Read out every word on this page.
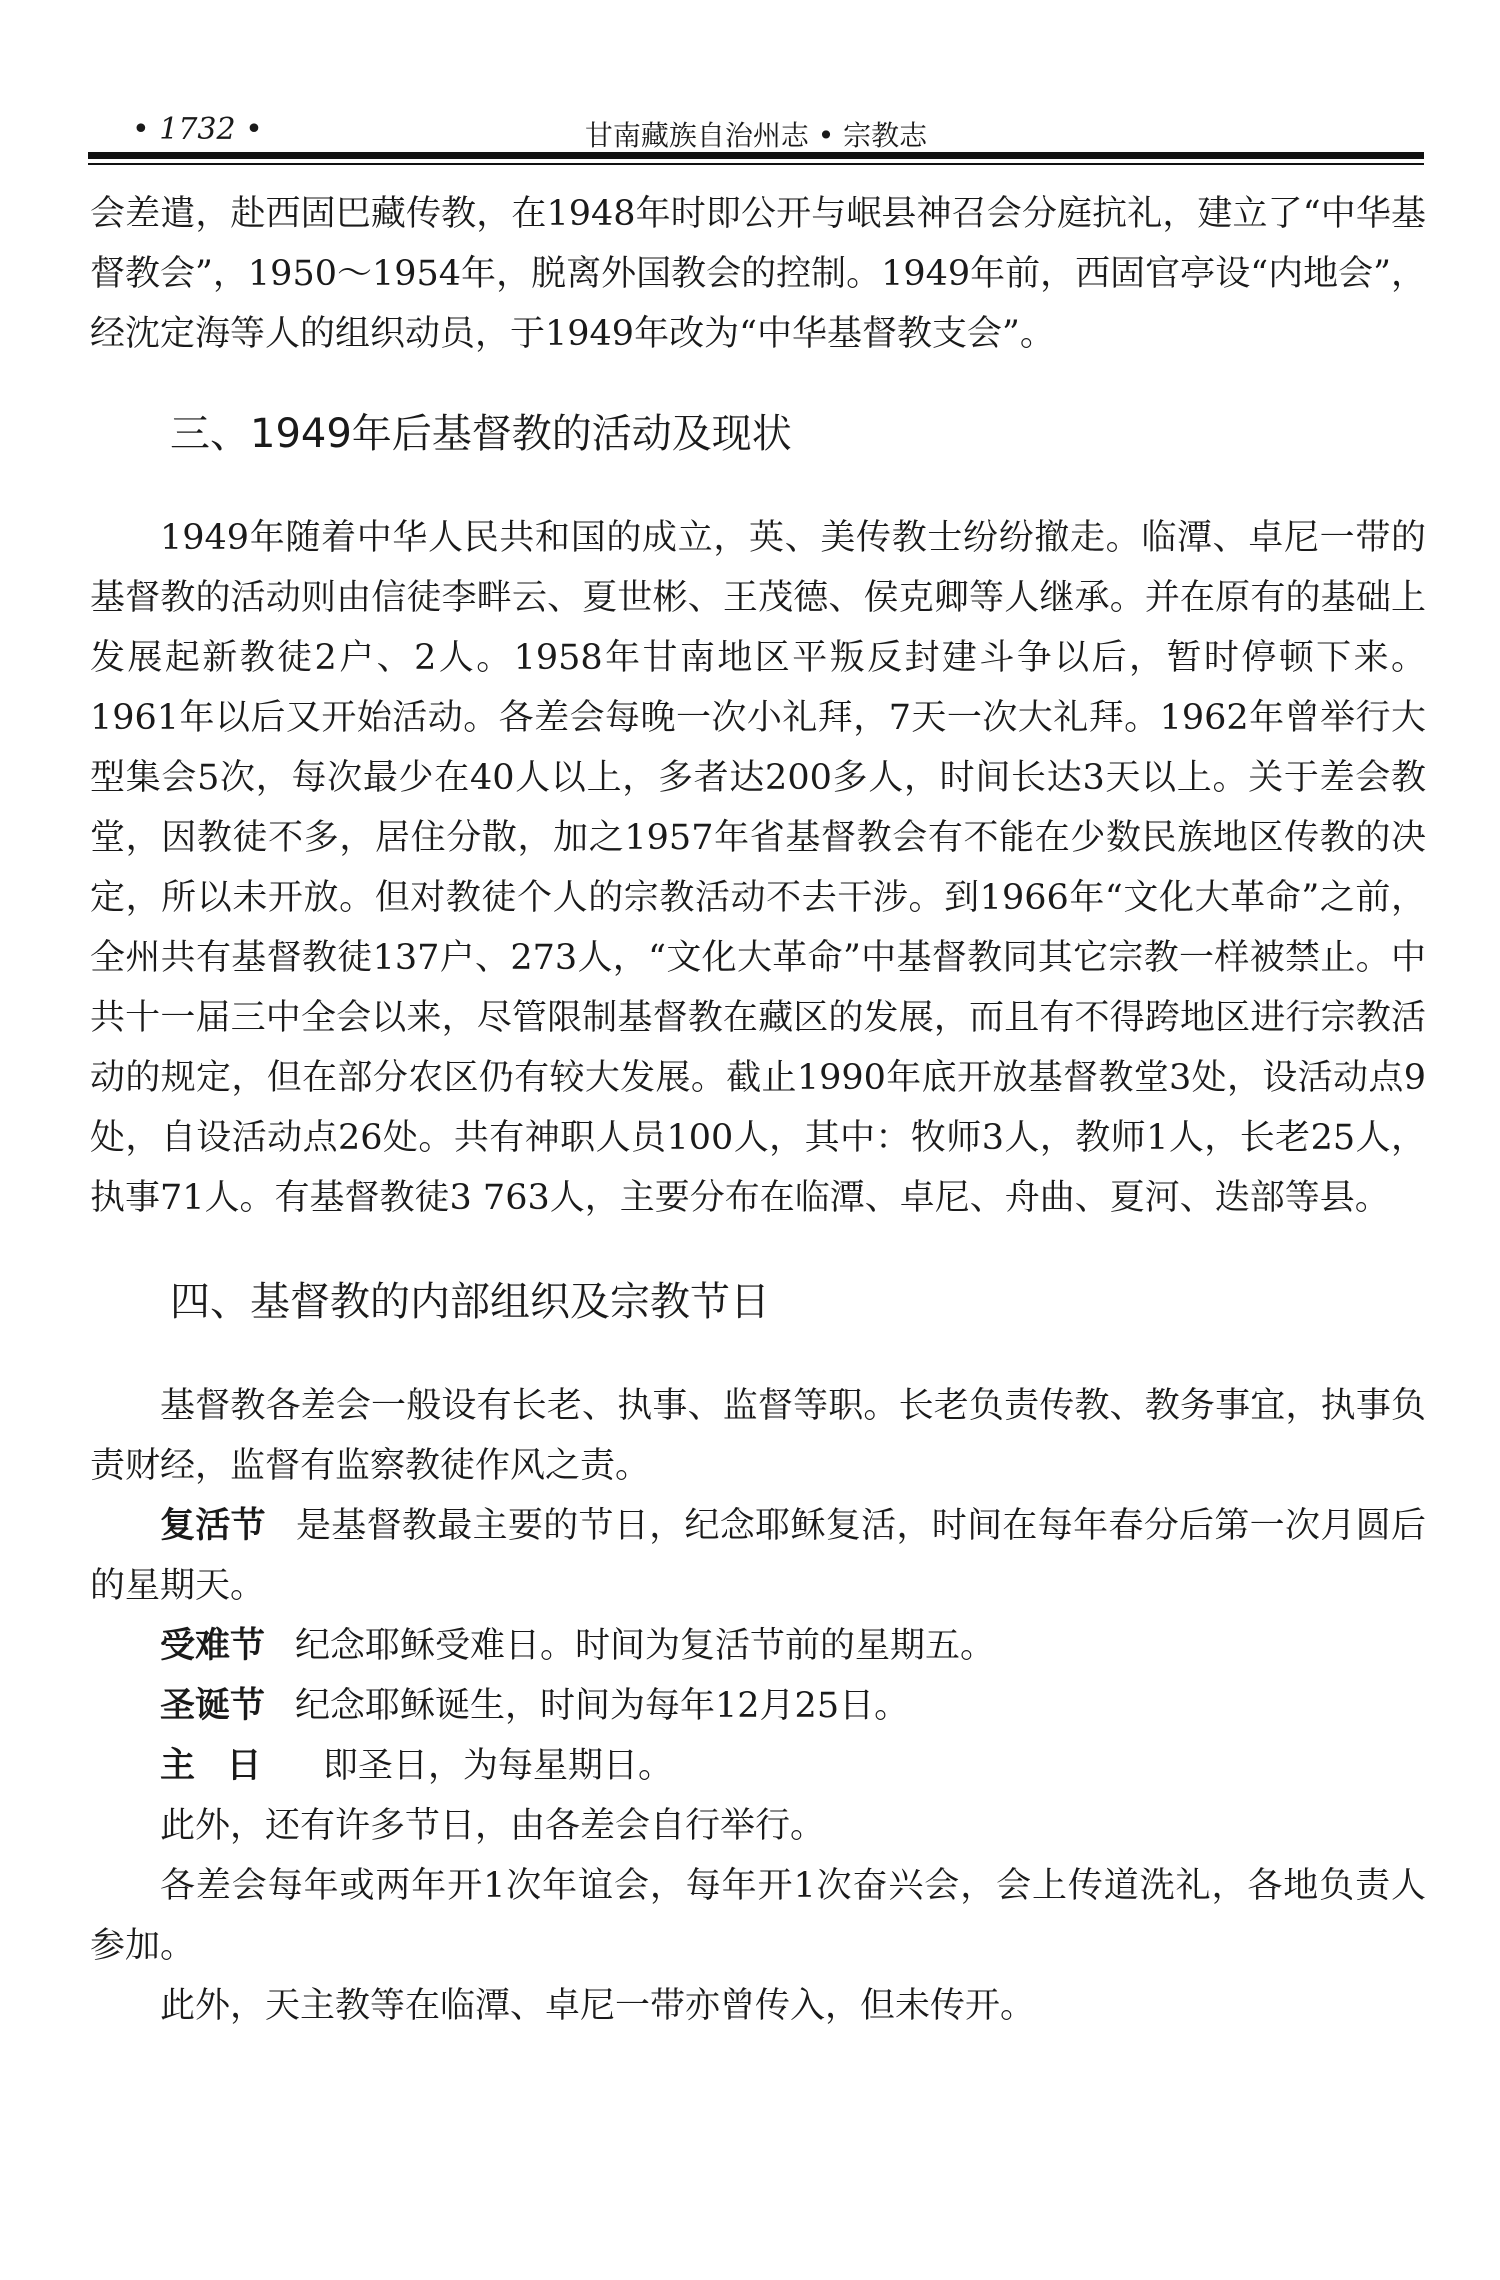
• 1732 •	甘南藏族自治州志 • 宗教志

会差遣，赴西固巴藏传教，在1948年时即公开与岷县神召会分庭抗礼，建立了“中华基督教会”，1950～1954年，脱离外国教会的控制。1949年前，西固官亭设“内地会”，经沈定海等人的组织动员，于1949年改为“中华基督教支会”。

三、1949年后基督教的活动及现状

1949年随着中华人民共和国的成立，英、美传教士纷纷撤走。临潭、卓尼一带的基督教的活动则由信徒李畔云、夏世彬、王茂德、侯克卿等人继承。并在原有的基础上发展起新教徒2户、2人。1958年甘南地区平叛反封建斗争以后，暂时停顿下来。1961年以后又开始活动。各差会每晚一次小礼拜，7天一次大礼拜。1962年曾举行大型集会5次，每次最少在40人以上，多者达200多人，时间长达3天以上。关于差会教堂，因教徒不多，居住分散，加之1957年省基督教会有不能在少数民族地区传教的决定，所以未开放。但对教徒个人的宗教活动不去干涉。到1966年“文化大革命”之前，全州共有基督教徒137户、273人，“文化大革命”中基督教同其它宗教一样被禁止。中共十一届三中全会以来，尽管限制基督教在藏区的发展，而且有不得跨地区进行宗教活动的规定，但在部分农区仍有较大发展。截止1990年底开放基督教堂3处，设活动点9处，自设活动点26处。共有神职人员100人，其中：牧师3人，教师1人，长老25人，执事71人。有基督教徒3 763人，主要分布在临潭、卓尼、舟曲、夏河、迭部等县。

四、基督教的内部组织及宗教节日

基督教各差会一般设有长老、执事、监督等职。长老负责传教、教务事宜，执事负责财经，监督有监察教徒作风之责。

复活节 是基督教最主要的节日，纪念耶稣复活，时间在每年春分后第一次月圆后的星期天。

受难节 纪念耶稣受难日。时间为复活节前的星期五。

圣诞节 纪念耶稣诞生，时间为每年12月25日。

主日 即圣日，为每星期日。

此外，还有许多节日，由各差会自行举行。

各差会每年或两年开1次年谊会，每年开1次奋兴会，会上传道洗礼，各地负责人参加。

此外，天主教等在临潭、卓尼一带亦曾传入，但未传开。
